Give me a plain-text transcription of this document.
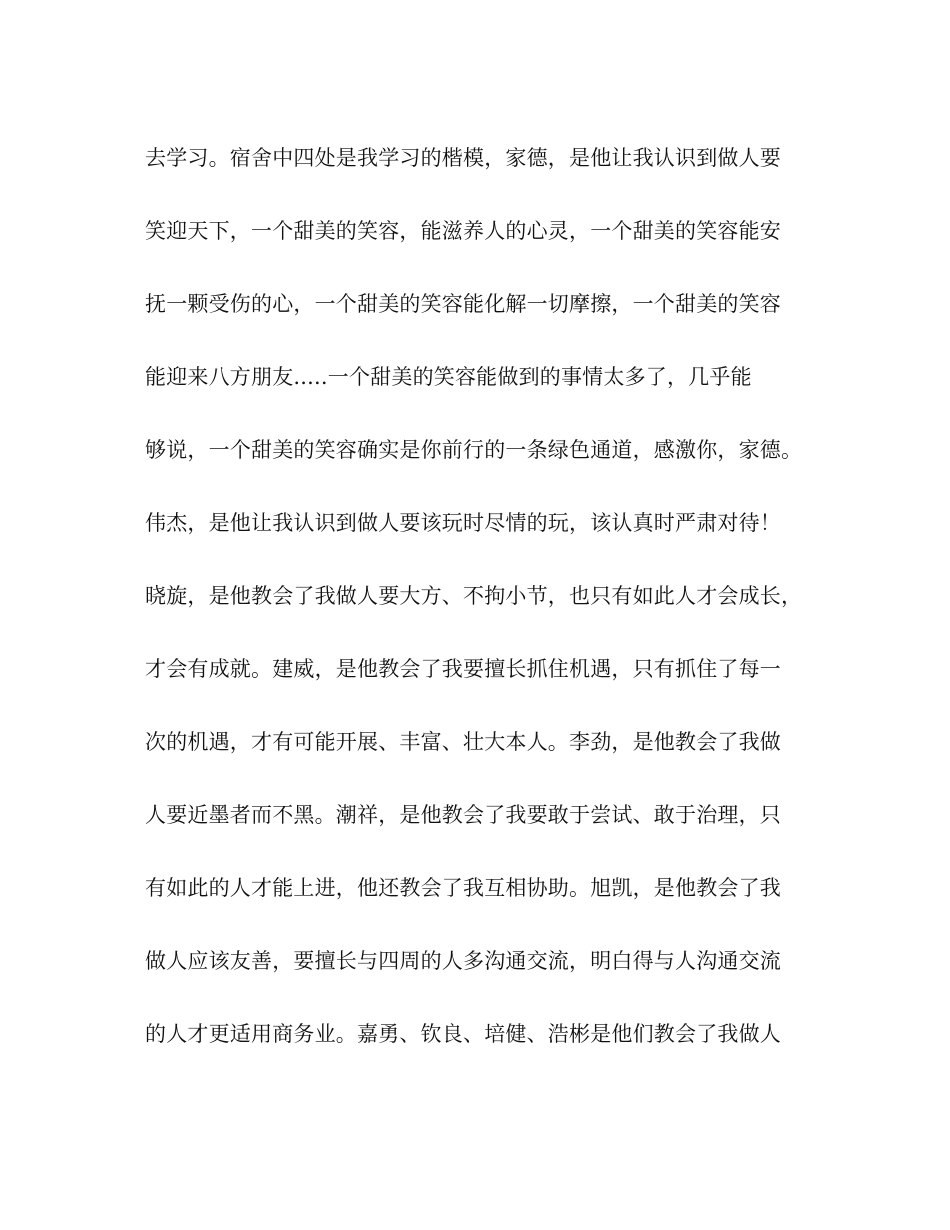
去学习。宿舍中四处是我学习的楷模，家德，是他让我认识到做人要
笑迎天下，一个甜美的笑容，能滋养人的心灵，一个甜美的笑容能安
抚一颗受伤的心，一个甜美的笑容能化解一切摩擦，一个甜美的笑容
能迎来八方朋友.....一个甜美的笑容能做到的事情太多了，几乎能
够说，一个甜美的笑容确实是你前行的一条绿色通道，感激你，家德。
伟杰，是他让我认识到做人要该玩时尽情的玩，该认真时严肃对待！
晓旋，是他教会了我做人要大方、不拘小节，也只有如此人才会成长，
才会有成就。建威，是他教会了我要擅长抓住机遇，只有抓住了每一
次的机遇，才有可能开展、丰富、壮大本人。李劲，是他教会了我做
人要近墨者而不黑。潮祥，是他教会了我要敢于尝试、敢于治理，只
有如此的人才能上进，他还教会了我互相协助。旭凯，是他教会了我
做人应该友善，要擅长与四周的人多沟通交流，明白得与人沟通交流
的人才更适用商务业。嘉勇、钦良、培健、浩彬是他们教会了我做人
